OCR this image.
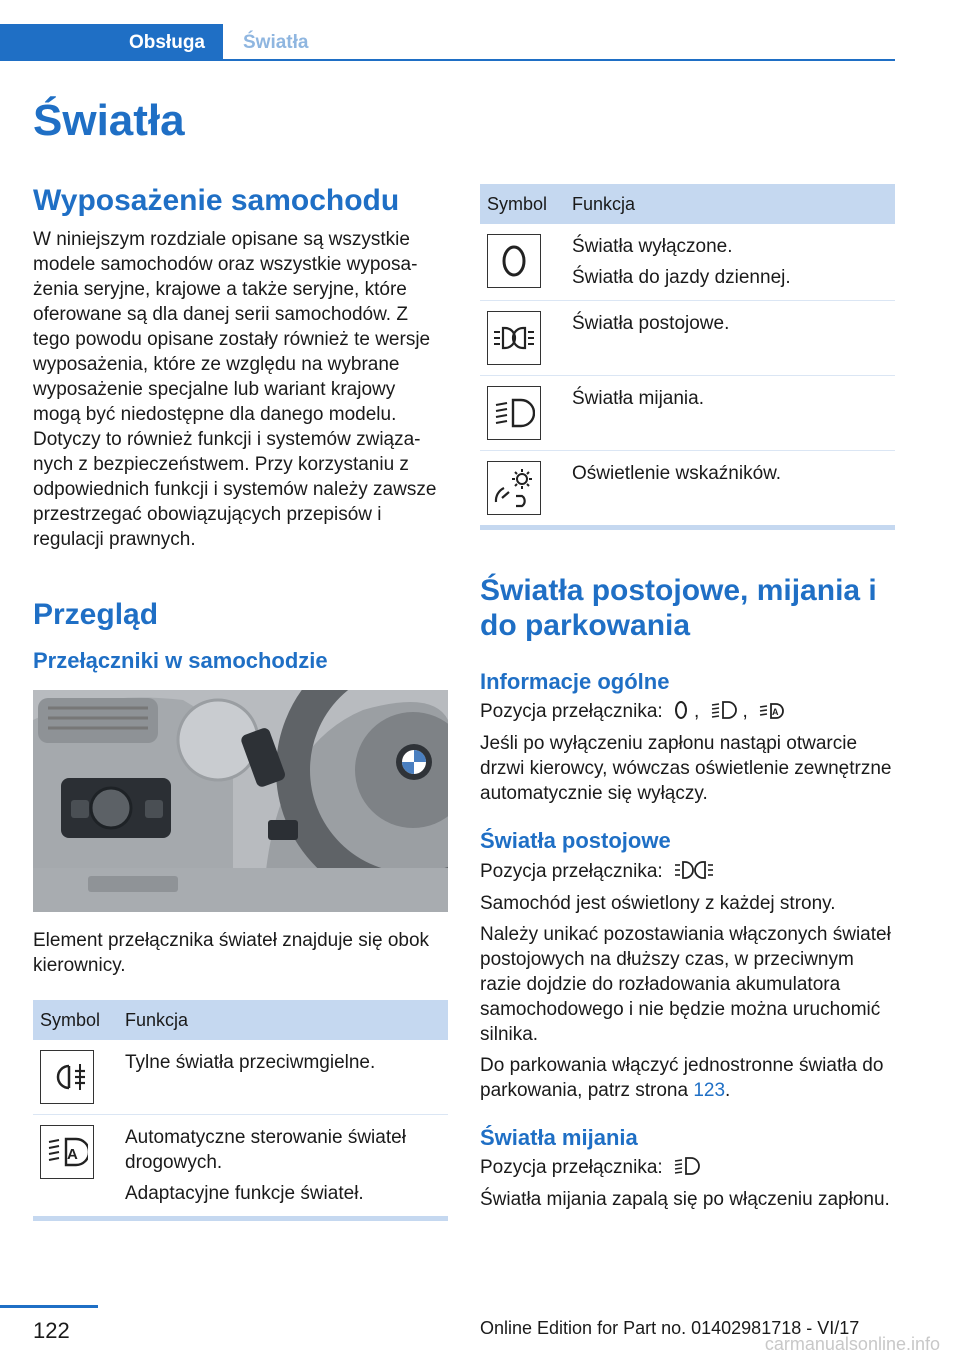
Obsługa	Światła
Światła
Wyposażenie samochodu

W niniejszym rozdziale opisane są wszystkie modele samochodów oraz wszystkie wyposażenia seryjne, krajowe a także seryjne, które oferowane są dla danej serii samochodów. Z tego powodu opisane zostały również te wersje wyposażenia, które ze względu na wybrane wyposażenie specjalne lub wariant krajowy mogą być niedostępne dla danego modelu. Dotyczy to również funkcji i systemów związanych z bezpieczeństwem. Przy korzystaniu z odpowiednich funkcji i systemów należy zawsze przestrzegać obowiązujących przepisów i regulacji prawnych.

Przegląd
Przełączniki w samochodzie

Element przełącznika świateł znajduje się obok kierownicy.

Symbol	Funkcja

Tylne światła przeciwmgielne.

A	Automatyczne sterowanie świateł drogowych.
Adaptacyjne funkcje świateł.
Symbol	Funkcja

Światła wyłączone.
Światła do jazdy dziennej.

Światła postojowe.

Światła mijania.

Oświetlenie wskaźników.
Światła postojowe, mijania i do parkowania
Informacje ogólne

Pozycja przełącznika: , , A

Jeśli po wyłączeniu zapłonu nastąpi otwarcie drzwi kierowcy, wówczas oświetlenie zewnętrzne automatycznie się wyłączy.

Światła postojowe

Pozycja przełącznika:

Samochód jest oświetlony z każdej strony.

Należy unikać pozostawiania włączonych świateł postojowych na dłuższy czas, w przeciwnym razie dojdzie do rozładowania akumulatora samochodowego i nie będzie można uruchomić silnika.

Do parkowania włączyć jednostronne światła do parkowania, patrz strona 123.

Światła mijania

Pozycja przełącznika:

Światła mijania zapalą się po włączeniu zapłonu.

122	Online Edition for Part no. 01402981718 - VI/17
carmanualsonline.info
